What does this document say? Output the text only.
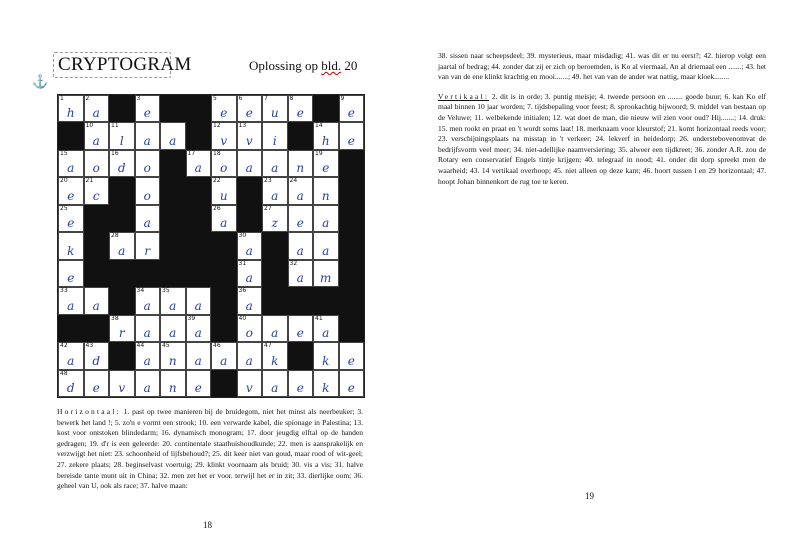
CRYPTOGRAM
⚓
Oplossing op bld. 20
1
h
2
a
3
e
5
e
6
e
7
u
8
e
9
e
10
a
11
l	a	a
12
v
13
v	i
14
h	e
15
a	o
16
d	o
17
a
18
o	a	a	n
19
e
20
e
21
c	o
22
u
23
a
24
a	n
25
e	a
26
a
27
z	e	a
k
28
a	r
30
a	a	a
e
31
a
32
a	m
33
a	a
34
a
35
a	a
36
a
38
r	a	a
39
a
40
o	a	e
41
a
42
a
43
d
44
a
45
n	a
46
a	a
47
k	k	e
48
d	e	v	a	n	e	v	a	e	k	e
Horizontaal: 1. past op twee manieren bij de bruidegom, niet het minst als neerbeuker; 3. bewerk het land !; 5. zo'n e vormt een strook; 10. een verwarde kabel, die spionage in Palestina; 13. kost voor ontstoken blindedarm; 16. dynamisch monogram; 17. door jeugdig elftal op de handen gedragen; 19. d'r is een geleerde: 20. continentale staathuishoudkunde; 22. men is aansprakelijk en verzwijgt het niet: 23. schoonheid of lijfsbehoud?; 25. dit keer niet van goud, maar rood of wit-geel; 27. zekere plaats; 28. beginselvast voertuig; 29. klinkt voornaam als bruid; 30. vis a vis; 31. halve bereisde tante munt uit in China; 32. men zet het er voor. terwijl het er in zit; 33. dierlijke oom; 36. geheel van U, ook als race; 37. halve maan:
18
38. sissen naar scheepsdeel; 39. mysterieus, maar misdadig; 41. was dit er nu eerst?; 42. hierop volgt een jaartal of bedrag; 44. zonder dat zij er zich op beroemden, is Ko al viermaal, An al driemaal een .......; 43. het van van de ene klinkt krachtig en mooi.......; 49. het van van de ander wat nattig, maar kloek........
Vertikaal: 2. dit is in orde; 3. puntig meisje; 4. tweede persoon en ........ goede buur; 6. kan Ko elf maal binnen 10 jaar worden; 7. tijdsbepaling voor feest; 8. sprookachtig bijwoord; 9. middel van bestaan op de Veluwe; 11. welbekende initialen; 12. wat doet de man, die nieuw wil zien voor oud? Hij.......; 14. druk: 15. men rookt en praat en 't wordt soms laat! 18. merknaam voor kleurstof; 21. komt horizontaal reeds voor; 23. verschijningsplaats na misstap in 't verkeer; 24. lekverf in heidedorp; 26. onderstebovenomvat de bedrijfsvorm veel meer; 34. niet-adellijke naamversiering; 35. alweer een tijdkreet; 36. zonder A.R. zou de Rotary een conservatief Engels tintje krijgen; 40. telegraaf in nood; 41. onder dit dorp spreekt men de waarheid; 43. 14 vertikaal overhoop; 45. niet alleen op deze kant; 46. hoort tussen l en 29 horizontaal; 47. hoopt Johan binnenkort de rug toe te keren.
19
